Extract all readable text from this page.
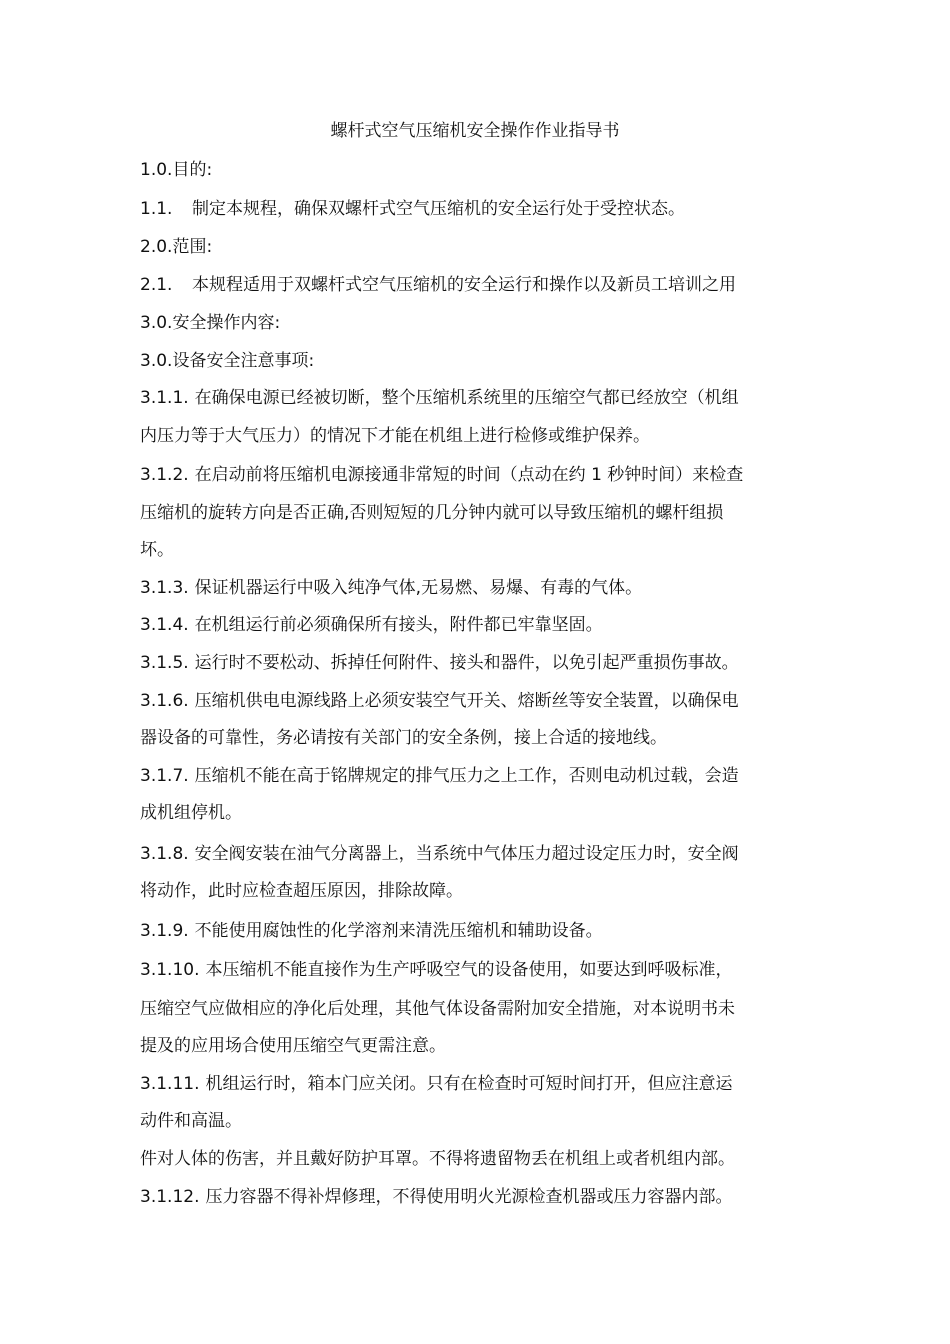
螺杆式空气压缩机安全操作作业指导书
1.0.目的:
1.1. 制定本规程，确保双螺杆式空气压缩机的安全运行处于受控状态。
2.0.范围:
2.1. 本规程适用于双螺杆式空气压缩机的安全运行和操作以及新员工培训之用
3.0.安全操作内容:
3.0.设备安全注意事项:
3.1.1. 在确保电源已经被切断，整个压缩机系统里的压缩空气都已经放空（机组
内压力等于大气压力）的情况下才能在机组上进行检修或维护保养。
3.1.2. 在启动前将压缩机电源接通非常短的时间（点动在约 1 秒钟时间）来检查
压缩机的旋转方向是否正确,否则短短的几分钟内就可以导致压缩机的螺杆组损
坏。
3.1.3. 保证机器运行中吸入纯净气体,无易燃、易爆、有毒的气体。
3.1.4. 在机组运行前必须确保所有接头，附件都已牢靠坚固。
3.1.5. 运行时不要松动、拆掉任何附件、接头和器件，以免引起严重损伤事故。
3.1.6. 压缩机供电电源线路上必须安装空气开关、熔断丝等安全装置，以确保电
器设备的可靠性，务必请按有关部门的安全条例，接上合适的接地线。
3.1.7. 压缩机不能在高于铭牌规定的排气压力之上工作，否则电动机过载，会造
成机组停机。
3.1.8. 安全阀安装在油气分离器上，当系统中气体压力超过设定压力时，安全阀
将动作，此时应检查超压原因，排除故障。
3.1.9. 不能使用腐蚀性的化学溶剂来清洗压缩机和辅助设备。
3.1.10. 本压缩机不能直接作为生产呼吸空气的设备使用，如要达到呼吸标准，
压缩空气应做相应的净化后处理，其他气体设备需附加安全措施，对本说明书未
提及的应用场合使用压缩空气更需注意。
3.1.11. 机组运行时，箱本门应关闭。只有在检查时可短时间打开，但应注意运
动件和高温。
件对人体的伤害，并且戴好防护耳罩。不得将遗留物丢在机组上或者机组内部。
3.1.12. 压力容器不得补焊修理，不得使用明火光源检查机器或压力容器内部。
